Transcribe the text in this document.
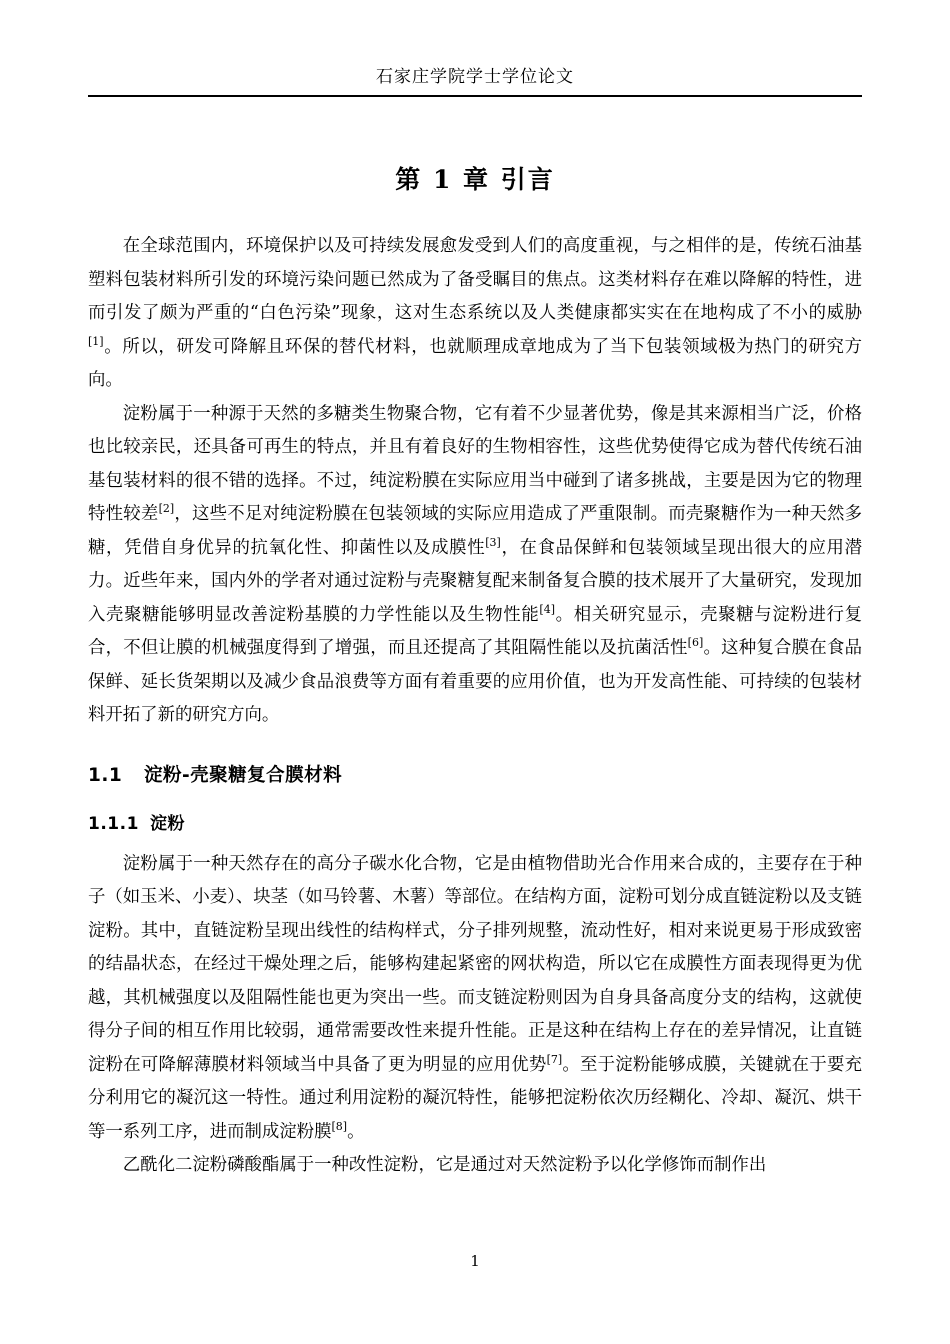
石家庄学院学士学位论文
第 1 章 引言

在全球范围内，环境保护以及可持续发展愈发受到人们的高度重视，与之相伴的是，传统石油基塑料包装材料所引发的环境污染问题已然成为了备受瞩目的焦点。这类材料存在难以降解的特性，进而引发了颇为严重的“白色污染”现象，这对生态系统以及人类健康都实实在在地构成了不小的威胁[1]。所以，研发可降解且环保的替代材料，也就顺理成章地成为了当下包装领域极为热门的研究方向。

淀粉属于一种源于天然的多糖类生物聚合物，它有着不少显著优势，像是其来源相当广泛，价格也比较亲民，还具备可再生的特点，并且有着良好的生物相容性，这些优势使得它成为替代传统石油基包装材料的很不错的选择。不过，纯淀粉膜在实际应用当中碰到了诸多挑战，主要是因为它的物理特性较差[2]，这些不足对纯淀粉膜在包装领域的实际应用造成了严重限制。而壳聚糖作为一种天然多糖，凭借自身优异的抗氧化性、抑菌性以及成膜性[3]，在食品保鲜和包装领域呈现出很大的应用潜力。近些年来，国内外的学者对通过淀粉与壳聚糖复配来制备复合膜的技术展开了大量研究，发现加入壳聚糖能够明显改善淀粉基膜的力学性能以及生物性能[4]。相关研究显示，壳聚糖与淀粉进行复合，不但让膜的机械强度得到了增强，而且还提高了其阻隔性能以及抗菌活性[6]。这种复合膜在食品保鲜、延长货架期以及减少食品浪费等方面有着重要的应用价值，也为开发高性能、可持续的包装材料开拓了新的研究方向。

1.1 淀粉-壳聚糖复合膜材料
1.1.1 淀粉

淀粉属于一种天然存在的高分子碳水化合物，它是由植物借助光合作用来合成的，主要存在于种子（如玉米、小麦）、块茎（如马铃薯、木薯）等部位。在结构方面，淀粉可划分成直链淀粉以及支链淀粉。其中，直链淀粉呈现出线性的结构样式，分子排列规整，流动性好，相对来说更易于形成致密的结晶状态，在经过干燥处理之后，能够构建起紧密的网状构造，所以它在成膜性方面表现得更为优越，其机械强度以及阻隔性能也更为突出一些。而支链淀粉则因为自身具备高度分支的结构，这就使得分子间的相互作用比较弱，通常需要改性来提升性能。正是这种在结构上存在的差异情况，让直链淀粉在可降解薄膜材料领域当中具备了更为明显的应用优势[7]。至于淀粉能够成膜，关键就在于要充分利用它的凝沉这一特性。通过利用淀粉的凝沉特性，能够把淀粉依次历经糊化、冷却、凝沉、烘干等一系列工序，进而制成淀粉膜[8]。

乙酰化二淀粉磷酸酯属于一种改性淀粉，它是通过对天然淀粉予以化学修饰而制作出

1
